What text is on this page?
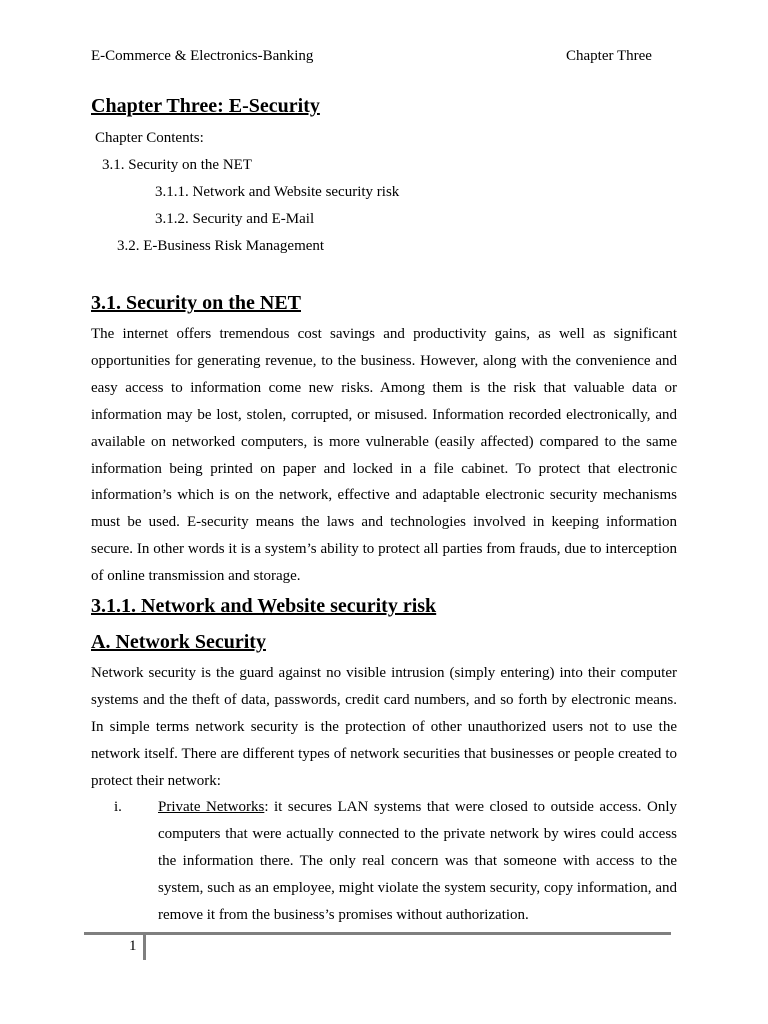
E-Commerce & Electronics-Banking	Chapter Three
Chapter Three: E-Security
Chapter Contents:
3.1. Security on the NET
3.1.1. Network and Website security risk
3.1.2. Security and E-Mail
3.2. E-Business Risk Management
3.1. Security on the NET

The internet offers tremendous cost savings and productivity gains, as well as significant opportunities for generating revenue, to the business. However, along with the convenience and easy access to information come new risks. Among them is the risk that valuable data or information may be lost, stolen, corrupted, or misused. Information recorded electronically, and available on networked computers, is more vulnerable (easily affected) compared to the same information being printed on paper and locked in a file cabinet. To protect that electronic information’s which is on the network, effective and adaptable electronic security mechanisms must be used. E-security means the laws and technologies involved in keeping information secure. In other words it is a system’s ability to protect all parties from frauds, due to interception of online transmission and storage.

3.1.1. Network and Website security risk
A. Network Security

Network security is the guard against no visible intrusion (simply entering) into their computer systems and the theft of data, passwords, credit card numbers, and so forth by electronic means. In simple terms network security is the protection of other unauthorized users not to use the network itself. There are different types of network securities that businesses or people created to protect their network:

i. Private Networks: it secures LAN systems that were closed to outside access. Only computers that were actually connected to the private network by wires could access the information there. The only real concern was that someone with access to the system, such as an employee, might violate the system security, copy information, and remove it from the business’s promises without authorization.
1
